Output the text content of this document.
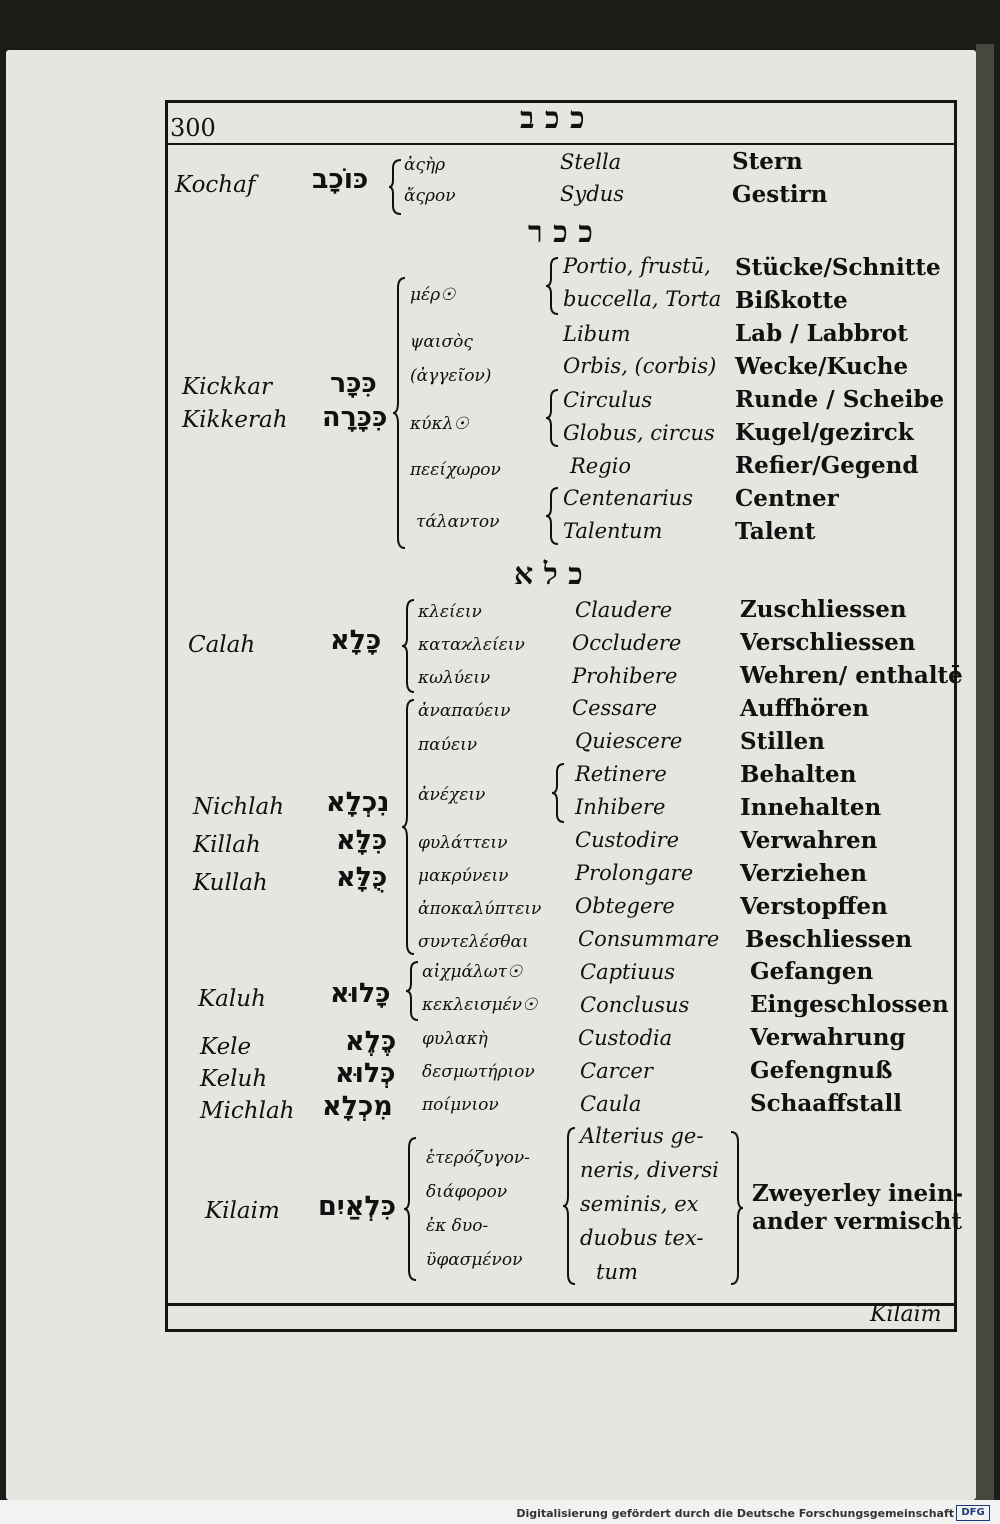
300	כ כ ב
Kochaf כּוֹכָב ἀςὴρ
ἄςρον
Stella
Sydus
Stern
Gestirn
כ כ ר
Kickkar
Kikkerah
כִּכָּר
כִּכָּרָה
μέρ☉
ψαισὸς
(ἀγγεῖον)
κύκλ☉
πεείχωρον
τάλαντον
Portio, frustū,
buccella, Torta
Libum
Orbis, (corbis)
Circulus
Globus, circus
Regio
Centenarius
Talentum
Stücke/Schnitte
Bißkotte
Lab / Labbrot
Wecke/Kuche
Runde / Scheibe
Kugel/gezirck
Refier/Gegend
Centner
Talent
כ ל א
Calah	כָּלָא
κλείειν
καταϰλείειν
κωλύειν
Claudere
Occludere
Prohibere
Zuschliessen
Verschliessen
Wehren/ enthaltē
Nichlah
Killah
Kullah
נִכְלָא
כִּלָּא
כֻּלָּא
ἀναπαύειν
παύειν
ἀνέχειν
φυλάττειν
μακρύνειν
ἀποκαλύπτειν
συντελέσθαι
Cessare
Quiescere
Retinere
Inhibere
Custodire
Prolongare
Obtegere
Consummare
Auffhören
Stillen
Behalten
Innehalten
Verwahren
Verziehen
Verstopffen
Beschliessen
Kaluh כָּלוּא
αἰχμάλωτ☉
κεκλεισμέν☉
Captiuus
Conclusus
Gefangen
Eingeschlossen
Kele
Keluh
Michlah
כֶּלֶא
כְּלוּא
מִכְלָא
φυλακὴ
δεσμωτήριον
ποίμνιον
Custodia
Carcer
Caula
Verwahrung
Gefengnuß
Schaaffstall
Kilaim כִּלְאַיִם
ἑτερόζυγον-
διάφορον
ἐκ δυο-
ϋφασμένον
Alterius ge-
neris, diversi
seminis, ex
duobus tex-
tum
Zweyerley inein-
ander vermischt
Kilaim
Digitalisierung gefördert durch die Deutsche Forschungsgemeinschaft DFG
